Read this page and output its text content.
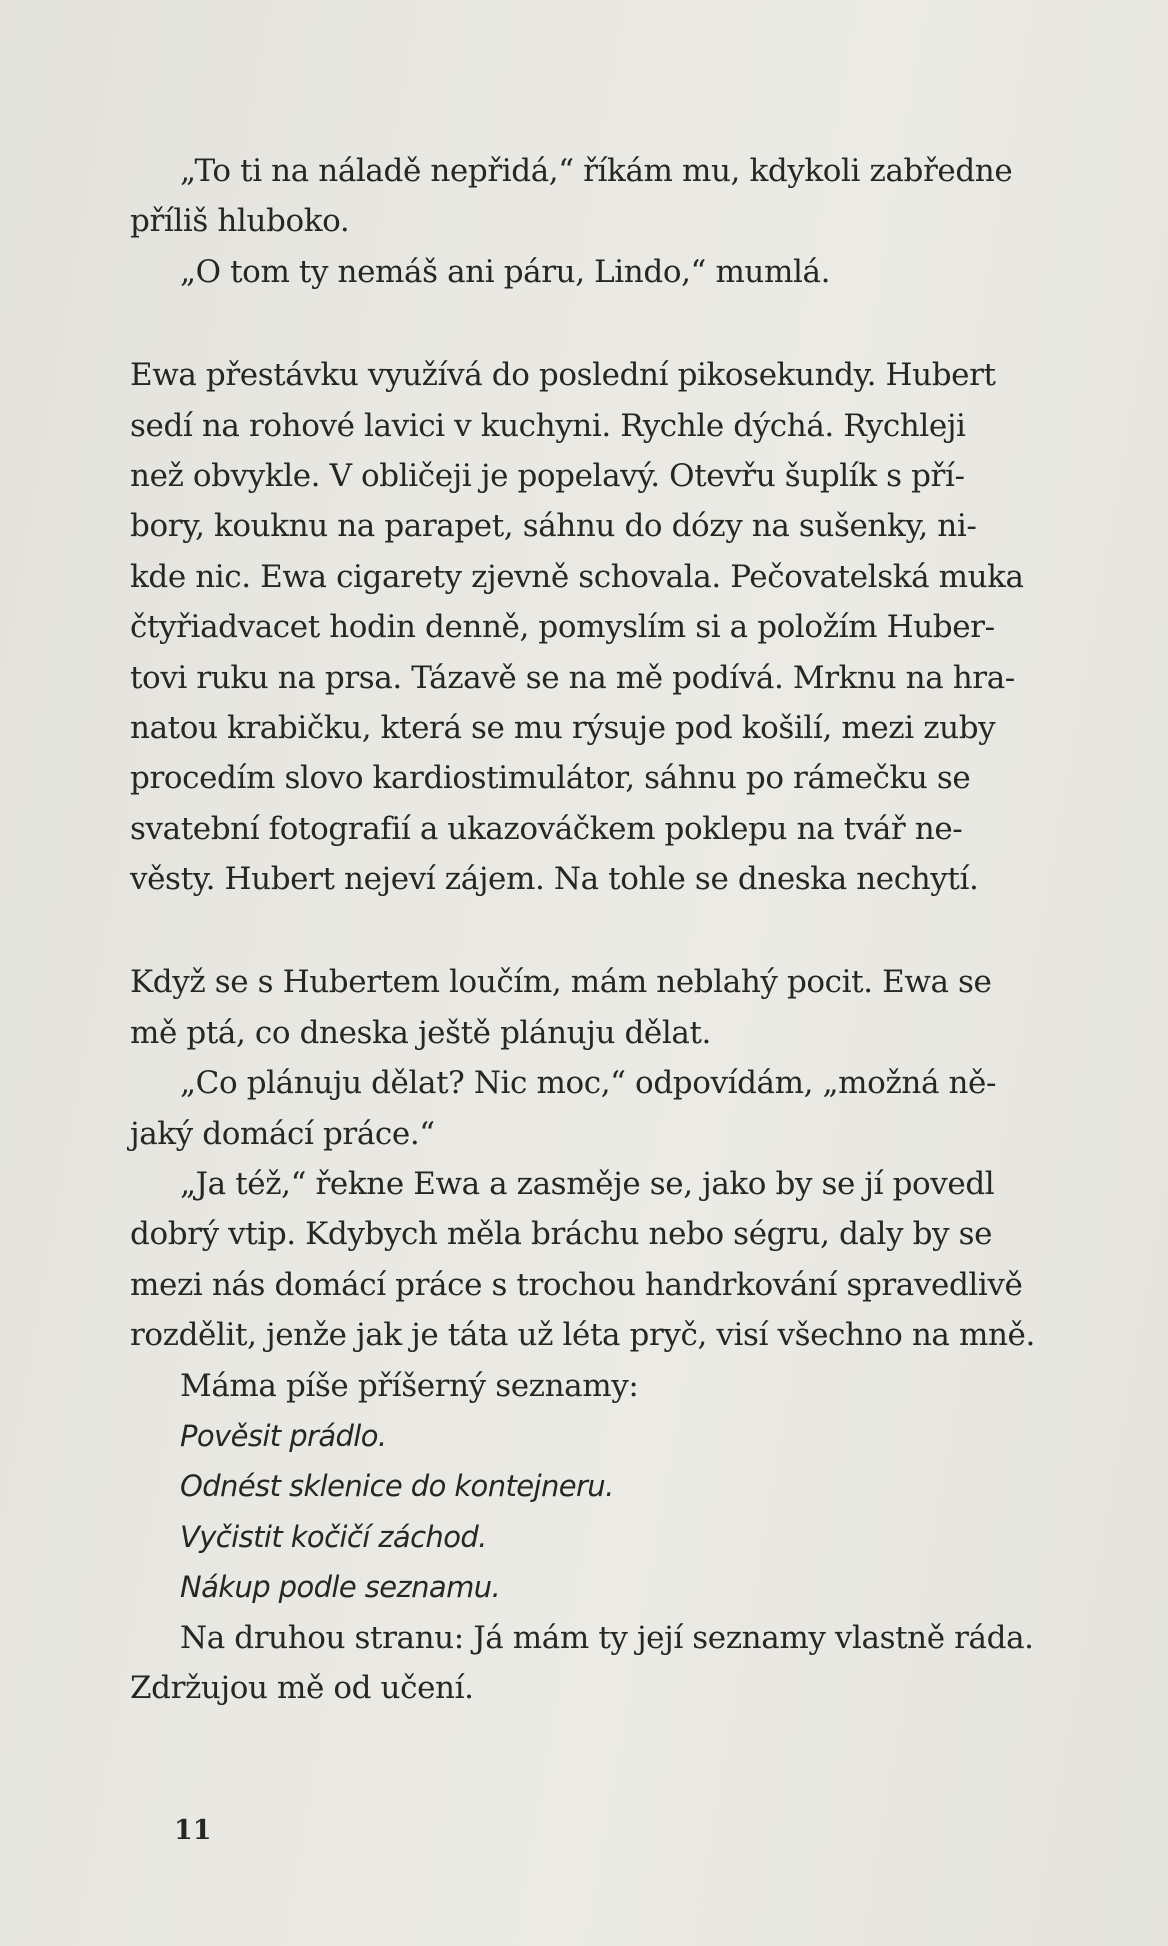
„To ti na náladě nepřidá,“ říkám mu, kdykoli zabředne
příliš hluboko.
„O tom ty nemáš ani páru, Lindo,“ mumlá.
Ewa přestávku využívá do poslední pikosekundy. Hubert
sedí na rohové lavici v kuchyni. Rychle dýchá. Rychleji
než obvykle. V obličeji je popelavý. Otevřu šuplík s pří-
bory, kouknu na parapet, sáhnu do dózy na sušenky, ni-
kde nic. Ewa cigarety zjevně schovala. Pečovatelská muka
čtyřiadvacet hodin denně, pomyslím si a položím Huber-
tovi ruku na prsa. Tázavě se na mě podívá. Mrknu na hra-
natou krabičku, která se mu rýsuje pod košilí, mezi zuby
procedím slovo kardiostimulátor, sáhnu po rámečku se
svatební fotografií a ukazováčkem poklepu na tvář ne-
věsty. Hubert nejeví zájem. Na tohle se dneska nechytí.
Když se s Hubertem loučím, mám neblahý pocit. Ewa se
mě ptá, co dneska ještě plánuju dělat.
„Co plánuju dělat? Nic moc,“ odpovídám, „možná ně-
jaký domácí práce.“
„Ja též,“ řekne Ewa a zasměje se, jako by se jí povedl
dobrý vtip. Kdybych měla bráchu nebo ségru, daly by se
mezi nás domácí práce s trochou handrkování spravedlivě
rozdělit, jenže jak je táta už léta pryč, visí všechno na mně.
Máma píše příšerný seznamy:
Pověsit prádlo.
Odnést sklenice do kontejneru.
Vyčistit kočičí záchod.
Nákup podle seznamu.
Na druhou stranu: Já mám ty její seznamy vlastně ráda.
Zdržujou mě od učení.
11
